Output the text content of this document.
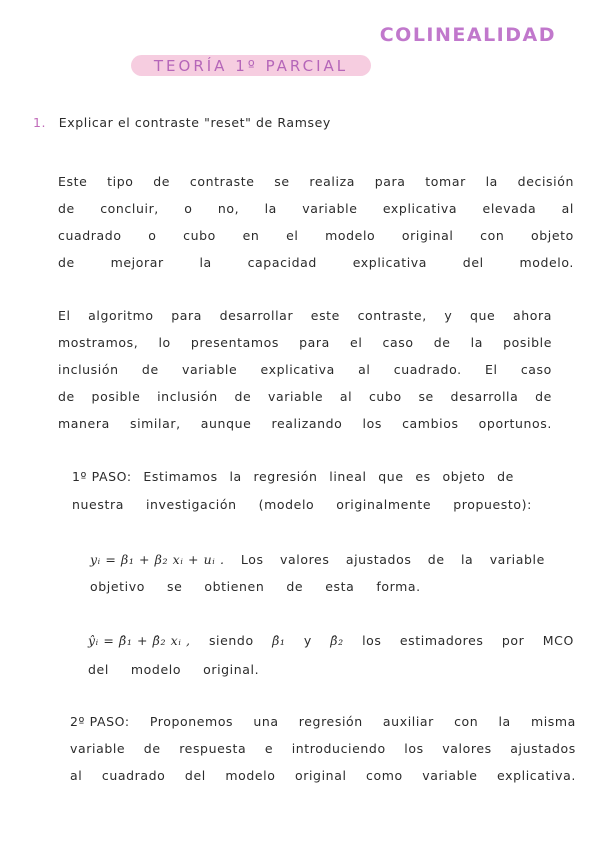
COLINEALIDAD
TEORÍA 1º PARCIAL
1. Explicar el contraste "reset" de Ramsey
Este tipo de contraste se realiza para tomar la decisión
de concluir, o no, la variable explicativa elevada al
cuadrado o cubo en el modelo original con objeto
de	mejorar	la	capacidad	explicativa	del	modelo.
El algoritmo para desarrollar este contraste, y que ahora
mostramos, lo presentamos para el caso de la posible
inclusión de variable explicativa al cuadrado. El caso
de posible inclusión de variable al cubo se desarrolla de
manera similar, aunque realizando los cambios oportunos.
1º PASO: Estimamos la regresión lineal que es objeto de
nuestra investigación (modelo originalmente propuesto):
yᵢ = β₁ + β₂ xᵢ + uᵢ . Los valores ajustados de la variable
objetivo se obtienen de esta forma.
ŷᵢ = β̂₁ + β̂₂ xᵢ , siendo β̂₁ y β̂₂ los estimadores por MCO
del modelo original.
2º PASO: Proponemos una regresión auxiliar con la misma
variable de respuesta e introduciendo los valores ajustados
al cuadrado del modelo original como variable explicativa.
